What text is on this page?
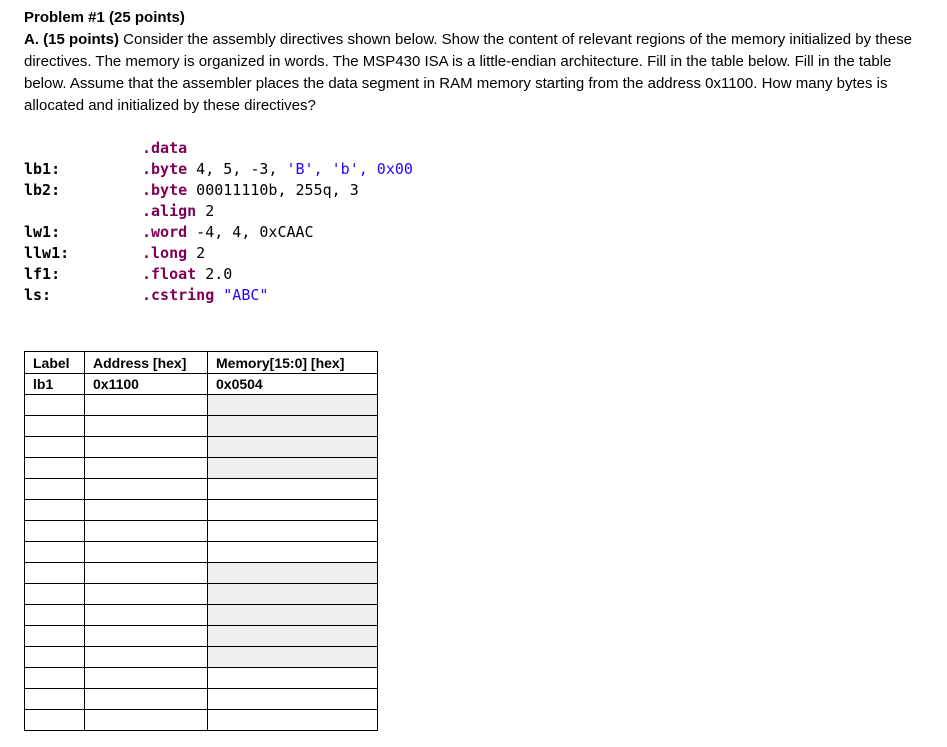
Problem #1 (25 points)
A. (15 points) Consider the assembly directives shown below. Show the content of relevant regions of the memory initialized by these directives. The memory is organized in words. The MSP430 ISA is a little-endian architecture. Fill in the table below. Fill in the table below. Assume that the assembler places the data segment in RAM memory starting from the address 0x1100. How many bytes is allocated and initialized by these directives?
.data
lb1:	.byte 4, 5, -3, 'B', 'b', 0x00
lb2:	.byte 00011110b, 255q, 3
.align 2
lw1:	.word -4, 4, 0xCAAC
llw1:	.long 2
lf1:	.float 2.0
ls:	.cstring "ABC"
Label	Address [hex]	Memory[15:0] [hex]
lb1	0x1100	0x0504
